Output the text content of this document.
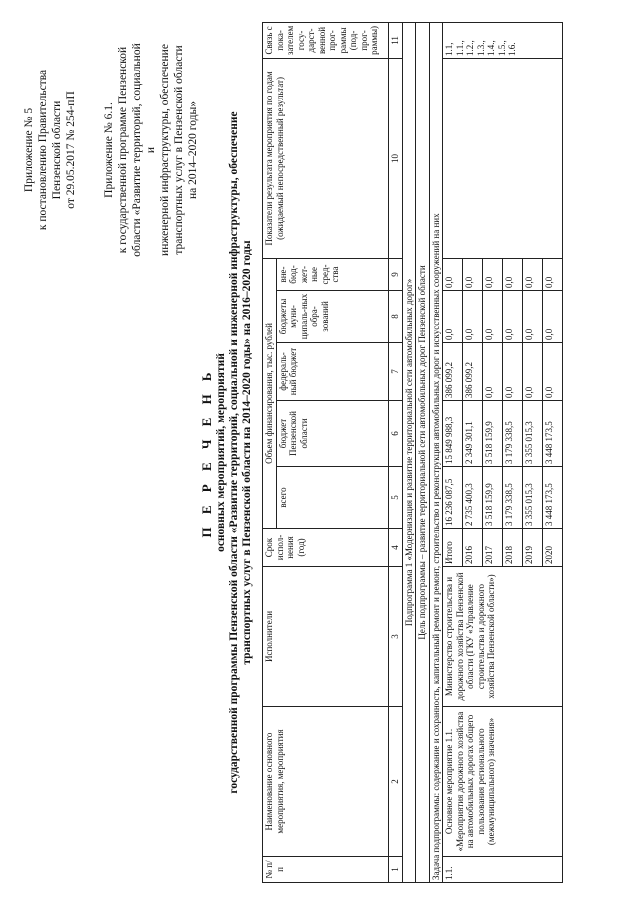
Приложение № 5 к постановлению Правительства Пензенской области от 29.05.2017 № 254-пП Приложение № 6.1. к государственной программе Пензенской области «Развитие территорий, социальной и инженерной инфраструктуры, обеспечение транспортных услуг в Пензенской области на 2014–2020 годы»

П Е Р Е Ч Е Н Ь основных мероприятий, мероприятий государственной программы Пензенской области «Развитие территорий, социальной и инженерной инфраструктуры, обеспечение транспортных услуг в Пензенской области на 2014–2020 годы» на 2016–2020 годы
№ п/п	Наименование основного мероприятия, мероприятия	Исполнители	Срок испол-нения (год)	Объем финансирования, тыс. рублей					Показатели результата мероприятия по годам (ожидаемый непосредственный результат)	Связь с пока-зателем госу-дарст-венной прог-раммы (под-прог-раммы)
				всего	бюджет Пензенской области	федераль-ный бюджет	бюджеты муни-ципаль-ных обра-зований	вне-бюд-жет-ные сред-ства		
1	2	3	4	5	6	7	8	9	10	11
Подпрограмма 1 «Модернизация и развитие территориальной сети автомобильных дорог»										
Цель подпрограммы – развитие территориальной сети автомобильных дорог Пензенской области										
Задача подпрограммы: содержание и сохранность, капитальный ремонт и ремонт, строительство и реконструкция автомобильных дорог и искусственных сооружений на них										
1.1.	Основное мероприятие 1.1. «Мероприятия дорожного хозяйства на автомобильных дорогах общего пользования регионального (межмуниципального) значения»	Министерство строительства и дорожного хозяйства Пензенской области (ГКУ «Управление строительства и дорожного хозяйства Пензенской области»)	Итого	16 236 087,5	15 849 988,3	386 099,2	0,0	0,0		1.1, 1.1., 1.2., 1.3., 1.4., 1.5., 1.6.
			2016	2 735 400,3	2 349 301,1	386 099,2	0,0	0,0		
			2017	3 518 159,9	3 518 159,9	0,0	0,0	0,0		
			2018	3 179 338,5	3 179 338,5	0,0	0,0	0,0		
			2019	3 355 015,3	3 355 015,3	0,0	0,0	0,0		
			2020	3 448 173,5	3 448 173,5	0,0	0,0	0,0		
